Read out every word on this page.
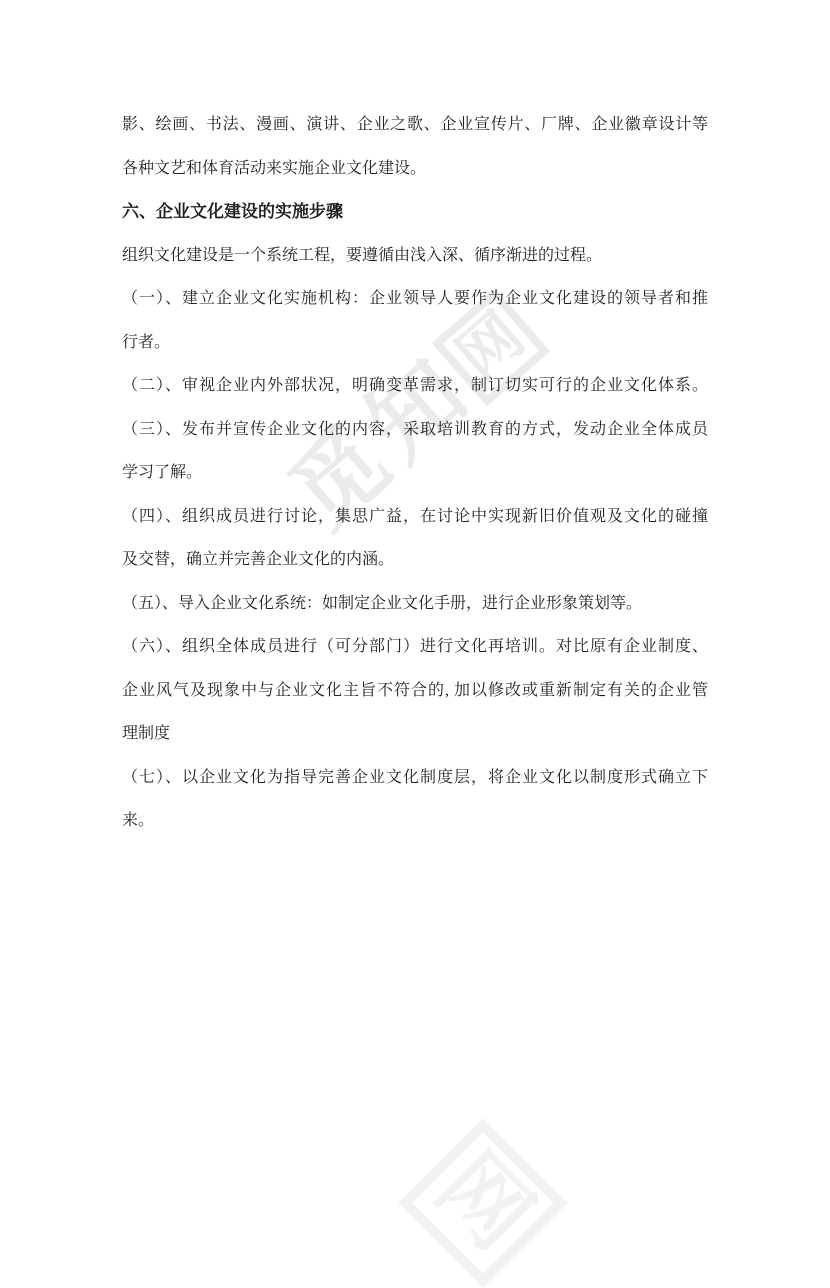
觅
知
网
网
影、绘画、书法、漫画、演讲、企业之歌、企业宣传片、厂牌、企业徽章设计等
各种文艺和体育活动来实施企业文化建设。
六、企业文化建设的实施步骤
组织文化建设是一个系统工程，要遵循由浅入深、循序渐进的过程。
（一）、建立企业文化实施机构：企业领导人要作为企业文化建设的领导者和推
行者。
（二）、审视企业内外部状况，明确变革需求，制订切实可行的企业文化体系。
（三）、发布并宣传企业文化的内容，采取培训教育的方式，发动企业全体成员
学习了解。
（四）、组织成员进行讨论，集思广益，在讨论中实现新旧价值观及文化的碰撞
及交替，确立并完善企业文化的内涵。
（五）、导入企业文化系统：如制定企业文化手册，进行企业形象策划等。
（六）、组织全体成员进行（可分部门）进行文化再培训。对比原有企业制度、
企业风气及现象中与企业文化主旨不符合的, 加以修改或重新制定有关的企业管
理制度
（七）、以企业文化为指导完善企业文化制度层，将企业文化以制度形式确立下
来。
